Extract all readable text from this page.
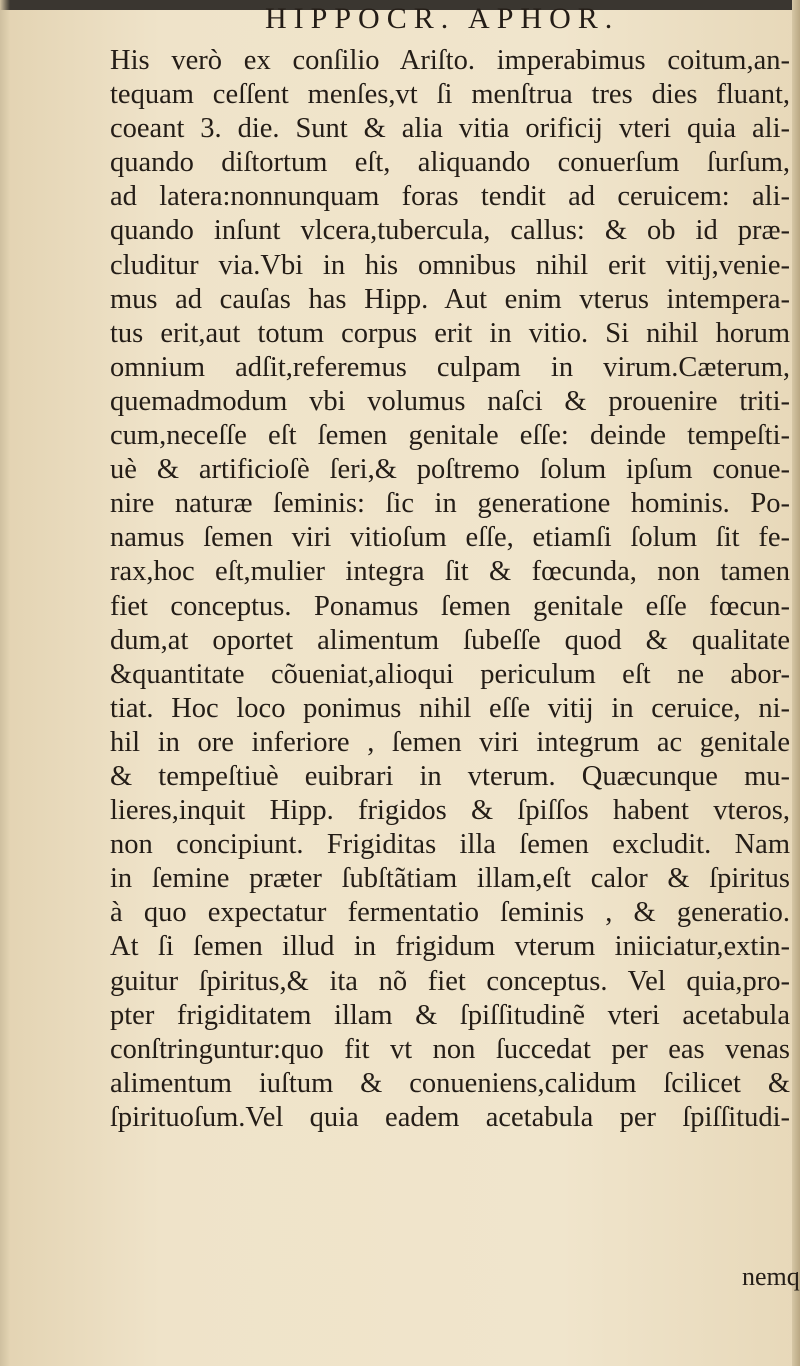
HIPPOCR. APHOR.
His verò ex conſilio Ariſto. imperabimus coitum,an-
tequam ceſſent menſes,vt ſi menſtrua tres dies fluant,
coeant 3. die. Sunt & alia vitia orificij vteri quia ali-
quando diſtortum eſt, aliquando conuerſum ſurſum,
ad latera:nonnunquam foras tendit ad ceruicem: ali-
quando inſunt vlcera,tubercula, callus: & ob id præ-
cluditur via.Vbi in his omnibus nihil erit vitij,venie-
mus ad cauſas has Hipp. Aut enim vterus intempera-
tus erit,aut totum corpus erit in vitio. Si nihil horum
omnium adſit,referemus culpam in virum.Cæterum,
quemadmodum vbi volumus naſci & prouenire triti-
cum,neceſſe eſt ſemen genitale eſſe: deinde tempeſti-
uè & artificioſè ſeri,& poſtremo ſolum ipſum conue-
nire naturæ ſeminis: ſic in generatione hominis. Po-
namus ſemen viri vitioſum eſſe, etiamſi ſolum ſit fe-
rax,hoc eſt,mulier integra ſit & fœcunda, non tamen
fiet conceptus. Ponamus ſemen genitale eſſe fœcun-
dum,at oportet alimentum ſubeſſe quod & qualitate
&quantitate cõueniat,alioqui periculum eſt ne abor-
tiat. Hoc loco ponimus nihil eſſe vitij in ceruice, ni-
hil in ore inferiore , ſemen viri integrum ac genitale
& tempeſtiuè euibrari in vterum. Quæcunque mu-
lieres,inquit Hipp. frigidos & ſpiſſos habent vteros,
non concipiunt. Frigiditas illa ſemen excludit. Nam
in ſemine præter ſubſtãtiam illam,eſt calor & ſpiritus
à quo expectatur fermentatio ſeminis , & generatio.
At ſi ſemen illud in frigidum vterum iniiciatur,extin-
guitur ſpiritus,& ita nõ fiet conceptus. Vel quia,pro-
pter frigiditatem illam & ſpiſſitudinẽ vteri acetabula
conſtringuntur:quo fit vt non ſuccedat per eas venas
alimentum iuſtum & conueniens,calidum ſcilicet &
ſpirituoſum.Vel quia eadem acetabula per ſpiſſitudi-
nemq
